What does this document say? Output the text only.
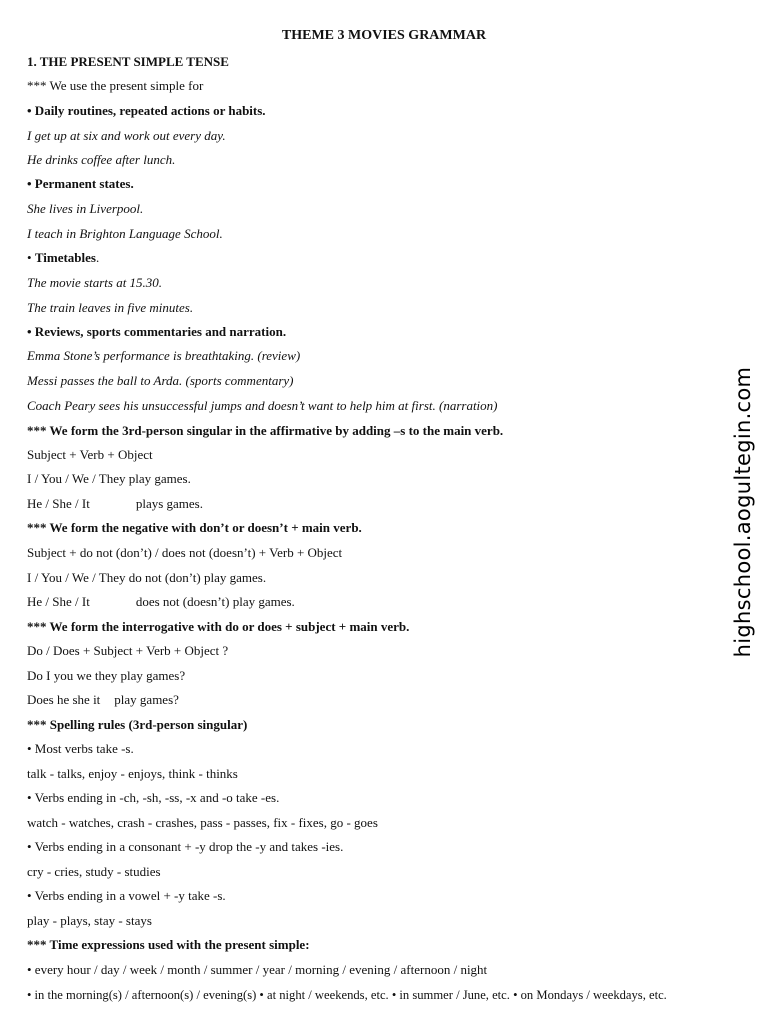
THEME 3 MOVIES GRAMMAR
1. THE PRESENT SIMPLE TENSE
*** We use the present simple for
• Daily routines, repeated actions or habits.
I get up at six and work out every day.
He drinks coffee after lunch.
• Permanent states.
She lives in Liverpool.
I teach in Brighton Language School.
• Timetables.
The movie starts at 15.30.
The train leaves in five minutes.
• Reviews, sports commentaries and narration.
Emma Stone’s performance is breathtaking. (review)
Messi passes the ball to Arda. (sports commentary)
Coach Peary sees his unsuccessful jumps and doesn’t want to help him at first. (narration)
*** We form the 3rd-person singular in the affirmative by adding –s to the main verb.
Subject + Verb + Object
I / You / We / They play games.
He / She / It	plays games.
*** We form the negative with don’t or doesn’t + main verb.
Subject + do not (don’t) / does not (doesn’t) + Verb + Object
I / You / We / They do not (don’t) play games.
He / She / It	does not (doesn’t) play games.
*** We form the interrogative with do or does + subject + main verb.
Do / Does + Subject + Verb + Object ?
Do I you we they play games?
Does he she it play games?
*** Spelling rules (3rd-person singular)
• Most verbs take -s.
talk - talks, enjoy - enjoys, think - thinks
• Verbs ending in -ch, -sh, -ss, -x and -o take -es.
watch - watches, crash - crashes, pass - passes, fix - fixes, go - goes
• Verbs ending in a consonant + -y drop the -y and takes -ies.
cry - cries, study - studies
• Verbs ending in a vowel + -y take -s.
play - plays, stay - stays
*** Time expressions used with the present simple:
• every hour / day / week / month / summer / year / morning / evening / afternoon / night
• in the morning(s) / afternoon(s) / evening(s) • at night / weekends, etc. • in summer / June, etc. • on Mondays / weekdays, etc.
highschool.aogultegin.com
